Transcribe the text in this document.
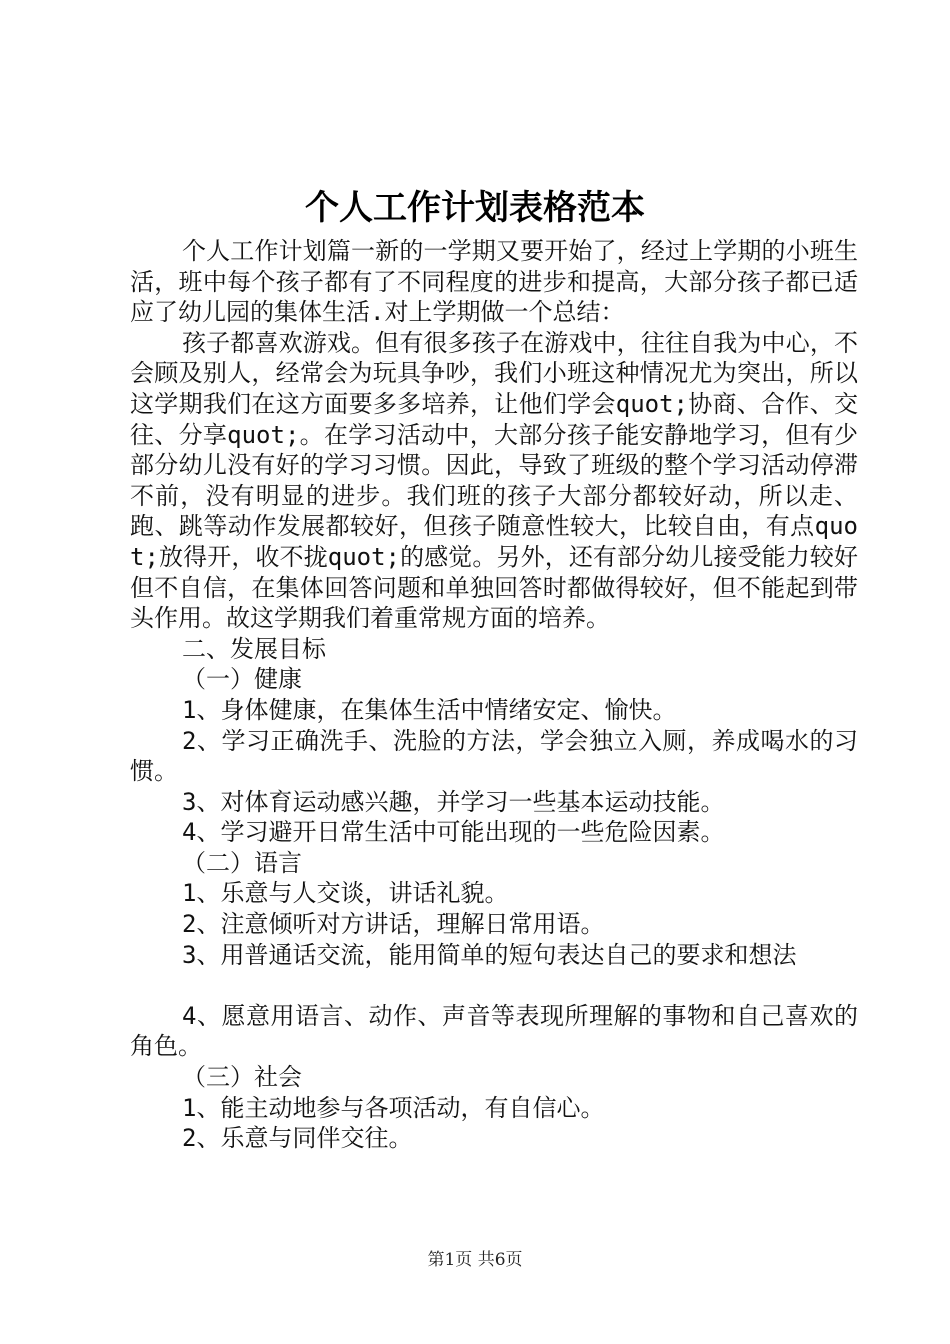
个人工作计划表格范本

个人工作计划篇一新的一学期又要开始了，经过上学期的小班生活，班中每个孩子都有了不同程度的进步和提高，大部分孩子都已适应了幼儿园的集体生活.对上学期做一个总结：

孩子都喜欢游戏。但有很多孩子在游戏中，往往自我为中心，不会顾及别人，经常会为玩具争吵，我们小班这种情况尤为突出，所以这学期我们在这方面要多多培养，让他们学会quot;协商、合作、交往、分享quot;。在学习活动中，大部分孩子能安静地学习，但有少部分幼儿没有好的学习习惯。因此，导致了班级的整个学习活动停滞不前，没有明显的进步。我们班的孩子大部分都较好动，所以走、跑、跳等动作发展都较好，但孩子随意性较大，比较自由，有点quot;放得开，收不拢quot;的感觉。另外，还有部分幼儿接受能力较好但不自信，在集体回答问题和单独回答时都做得较好，但不能起到带头作用。故这学期我们着重常规方面的培养。

二、发展目标

（一）健康

1、身体健康，在集体生活中情绪安定、愉快。

2、学习正确洗手、洗脸的方法，学会独立入厕，养成喝水的习惯。

3、对体育运动感兴趣，并学习一些基本运动技能。

4、学习避开日常生活中可能出现的一些危险因素。

（二）语言

1、乐意与人交谈，讲话礼貌。

2、注意倾听对方讲话，理解日常用语。

3、用普通话交流，能用简单的短句表达自己的要求和想法

4、愿意用语言、动作、声音等表现所理解的事物和自己喜欢的角色。

（三）社会

1、能主动地参与各项活动，有自信心。

2、乐意与同伴交往。

第1页 共6页
